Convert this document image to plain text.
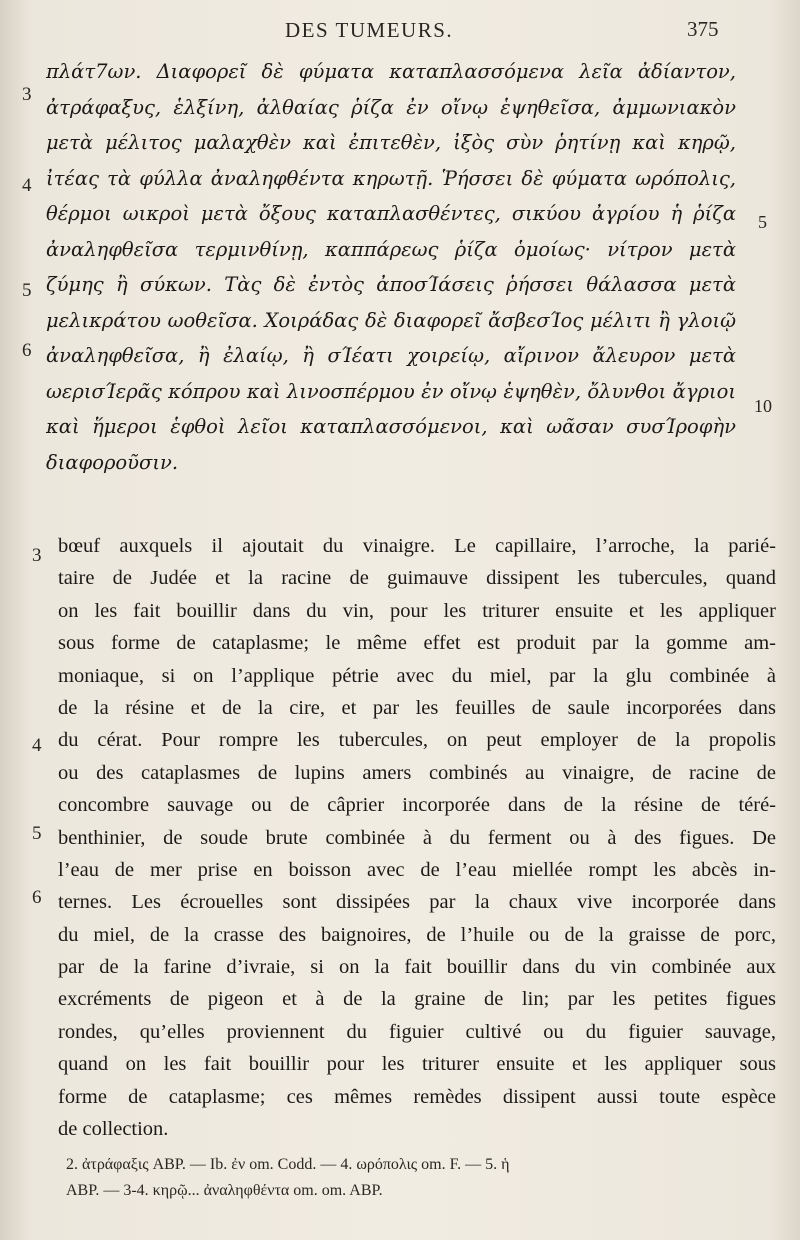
DES TUMEURS.	375
3
4
5
6
5
10
πλάτ7ων. Διαφορεῖ δὲ φύματα καταπλασσόμενα λεῖα ἀδίαντον,
ἀτράφαξυς, ἑλξίνη, ἀλθαίας ῥίζα ἐν οἴνῳ ἑψηθεῖσα, ἀμμωνιακὸν
μετὰ μέλιτος μαλαχθὲν καὶ ἐπιτεθὲν, ἰξὸς σὺν ῥητίνῃ καὶ κηρῷ,
ἰτέας τὰ φύλλα ἀναληφθέντα κηρωτῇ. Ῥήσσει δὲ φύματα ωρόπολις,
θέρμοι ωικροὶ μετὰ ὄξους καταπλασθέντες, σικύου ἀγρίου ἡ ῥίζα
ἀναληφθεῖσα τερμινθίνῃ, καππάρεως ῥίζα ὁμοίως· νίτρον μετὰ
ζύμης ἢ σύκων. Τὰς δὲ ἐντὸς ἀποσΊάσεις ῥήσσει θάλασσα μετὰ
μελικράτου ωοθεῖσα. Χοιράδας δὲ διαφορεῖ ἄσβεσΊος μέλιτι ἢ γλοιῷ
ἀναληφθεῖσα, ἢ ἐλαίῳ, ἢ σΊέατι χοιρείῳ, αἴρινον ἄλευρον μετὰ
ωερισΊερᾶς κόπρου καὶ λινοσπέρμου ἐν οἴνῳ ἑψηθὲν, ὄλυνθοι ἄγριοι
καὶ ἥμεροι ἑφθοὶ λεῖοι καταπλασσόμενοι, καὶ ωᾶσαν συσΊροφὴν
διαφοροῦσιν.
3
4
5
6
bœuf auxquels il ajoutait du vinaigre. Le capillaire, l’arroche, la parié-
taire de Judée et la racine de guimauve dissipent les tubercules, quand
on les fait bouillir dans du vin, pour les triturer ensuite et les appliquer
sous forme de cataplasme; le même effet est produit par la gomme am-
moniaque, si on l’applique pétrie avec du miel, par la glu combinée à
de la résine et de la cire, et par les feuilles de saule incorporées dans
du cérat. Pour rompre les tubercules, on peut employer de la propolis
ou des cataplasmes de lupins amers combinés au vinaigre, de racine de
concombre sauvage ou de câprier incorporée dans de la résine de téré-
benthinier, de soude brute combinée à du ferment ou à des figues. De
l’eau de mer prise en boisson avec de l’eau miellée rompt les abcès in-
ternes. Les écrouelles sont dissipées par la chaux vive incorporée dans
du miel, de la crasse des baignoires, de l’huile ou de la graisse de porc,
par de la farine d’ivraie, si on la fait bouillir dans du vin combinée aux
excréments de pigeon et à de la graine de lin; par les petites figues
rondes, qu’elles proviennent du figuier cultivé ou du figuier sauvage,
quand on les fait bouillir pour les triturer ensuite et les appliquer sous
forme de cataplasme; ces mêmes remèdes dissipent aussi toute espèce
de collection.
2. ἀτράφαξις ABP. — Ib. ἐν om. Codd. — 4. ωρόπολις om. F. — 5. ἡ
ABP. — 3-4. κηρῷ... ἀναληφθέντα om. om. ABP.
